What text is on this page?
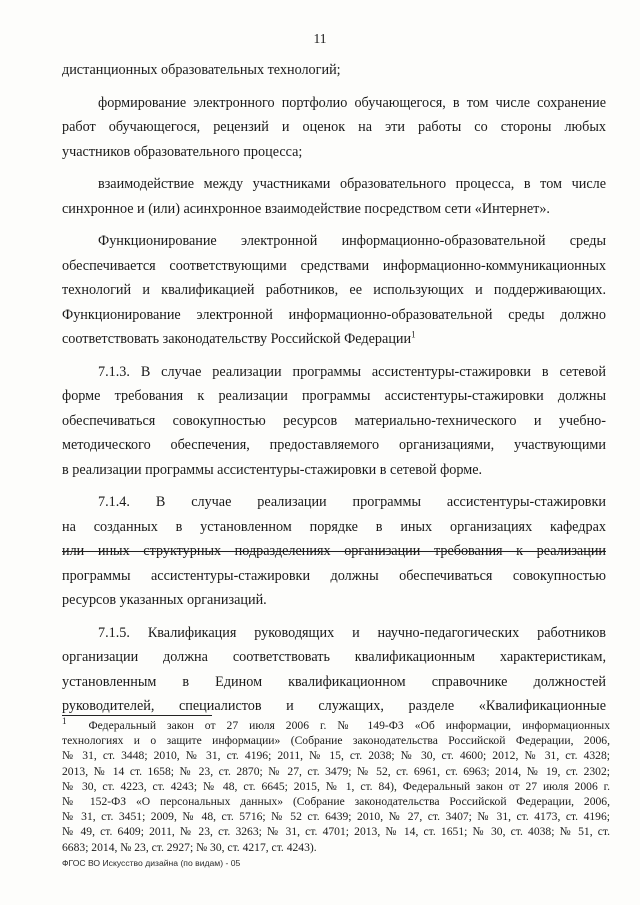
11

дистанционных образовательных технологий;

формирование электронного портфолио обучающегося, в том числе сохранение
работ обучающегося, рецензий и оценок на эти работы со стороны любых
участников образовательного процесса;

взаимодействие между участниками образовательного процесса, в том числе
синхронное и (или) асинхронное взаимодействие посредством сети «Интернет».

Функционирование электронной информационно-образовательной среды
обеспечивается соответствующими средствами информационно-коммуникационных
технологий и квалификацией работников, ее использующих и поддерживающих.
Функционирование электронной информационно-образовательной среды должно
соответствовать законодательству Российской Федерации$^1$

7.1.3. В случае реализации программы ассистентуры-стажировки в сетевой
форме требования к реализации программы ассистентуры-стажировки должны
обеспечиваться совокупностью ресурсов материально-технического и учебно-
методического обеспечения, предоставляемого организациями, участвующими
в реализации программы ассистентуры-стажировки в сетевой форме.

7.1.4. В случае реализации программы ассистентуры-стажировки
на созданных в установленном порядке в иных организациях кафедрах
или иных структурных подразделениях организации требования к реализации
программы ассистентуры-стажировки должны обеспечиваться совокупностью
ресурсов указанных организаций.

7.1.5. Квалификация руководящих и научно-педагогических работников
организации должна соответствовать квалификационным характеристикам,
установленным в Едином квалификационном справочнике должностей
руководителей, специалистов и служащих, разделе «Квалификационные

$^1$ Федеральный закон от 27 июля 2006 г. № 149-ФЗ «Об информации, информационных
технологиях и о защите информации» (Собрание законодательства Российской Федерации, 2006,
№ 31, ст. 3448; 2010, № 31, ст. 4196; 2011, № 15, ст. 2038; № 30, ст. 4600; 2012, № 31, ст. 4328;
2013, № 14 ст. 1658; № 23, ст. 2870; № 27, ст. 3479; № 52, ст. 6961, ст. 6963; 2014, № 19, ст. 2302;
№ 30, ст. 4223, ст. 4243; № 48, ст. 6645; 2015, № 1, ст. 84), Федеральный закон от 27 июля 2006 г.
№ 152-ФЗ «О персональных данных» (Собрание законодательства Российской Федерации, 2006,
№ 31, ст. 3451; 2009, № 48, ст. 5716; № 52 ст. 6439; 2010, № 27, ст. 3407; № 31, ст. 4173, ст. 4196;
№ 49, ст. 6409; 2011, № 23, ст. 3263; № 31, ст. 4701; 2013, № 14, ст. 1651; № 30, ст. 4038; № 51, ст.
6683; 2014, № 23, ст. 2927; № 30, ст. 4217, ст. 4243).
ФГОС ВО Искусство дизайна (по видам) - 05
